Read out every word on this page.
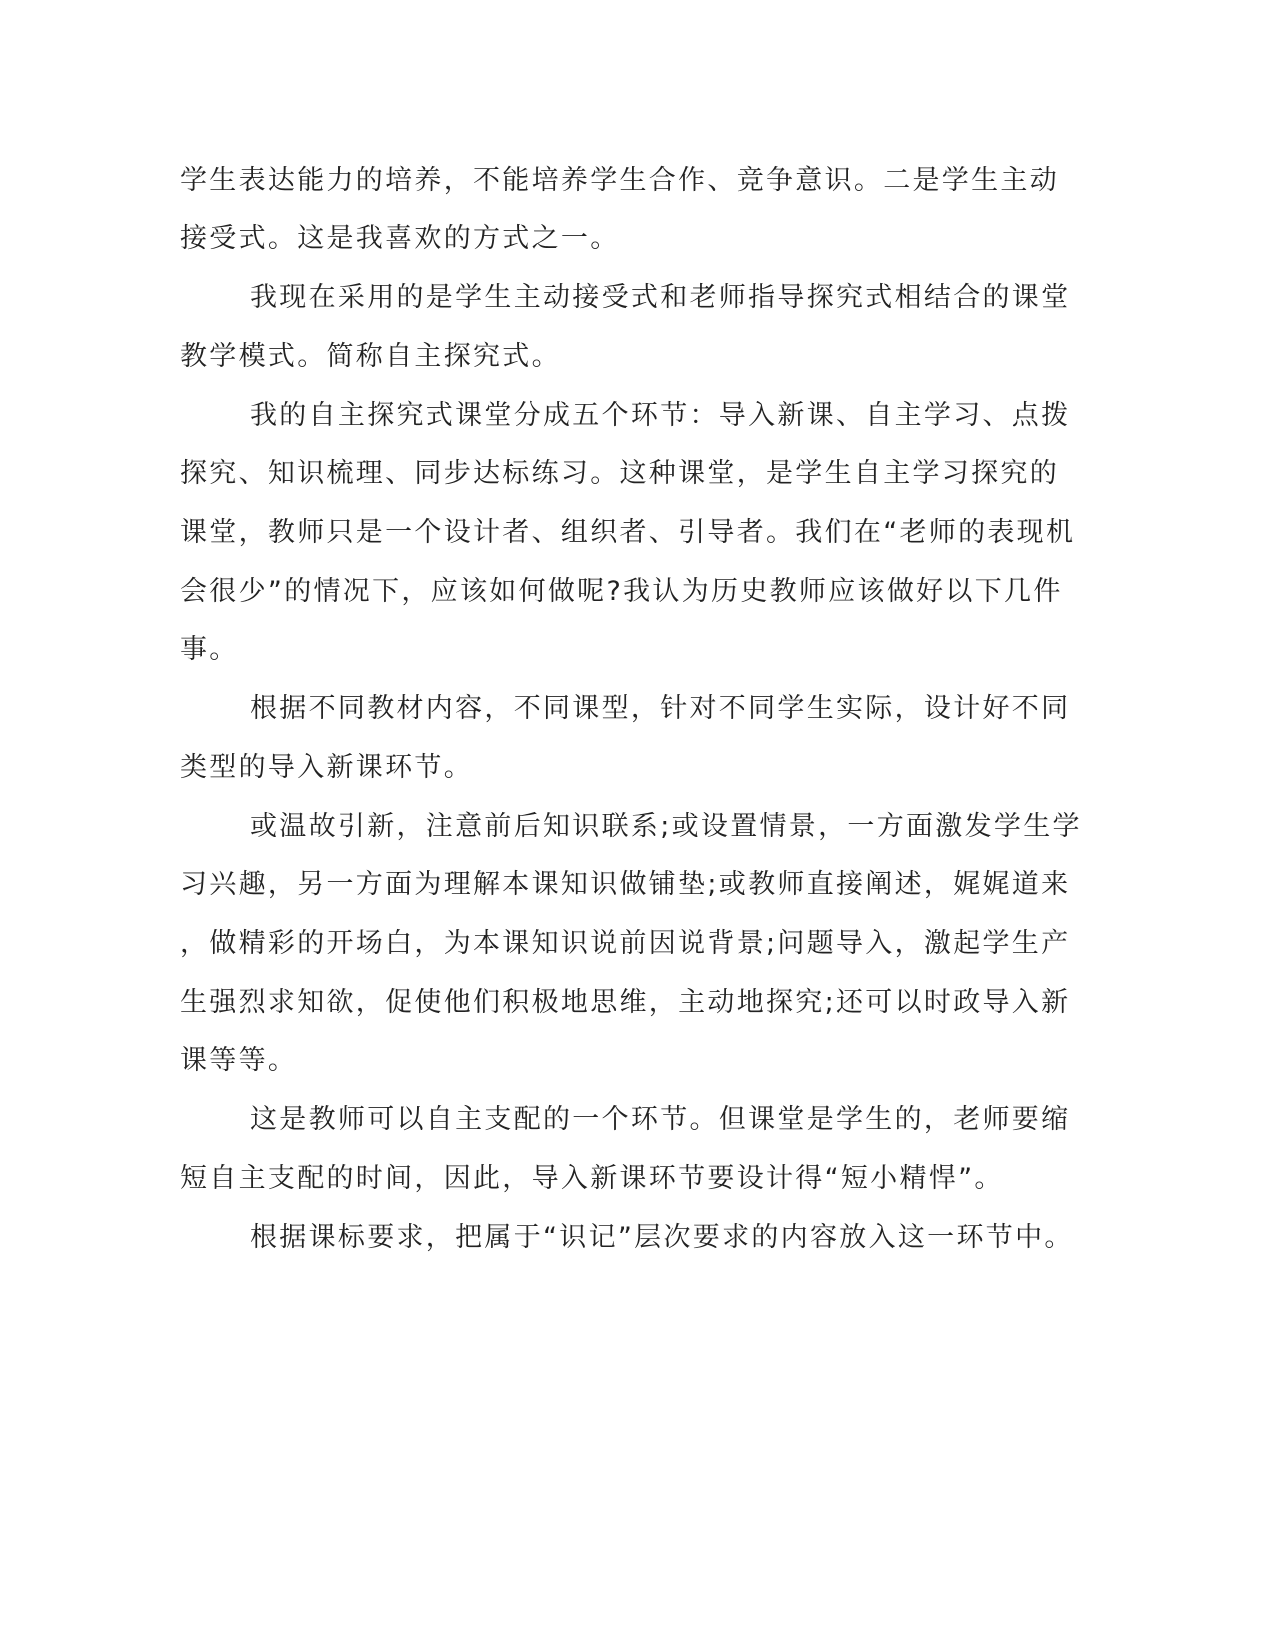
学生表达能力的培养，不能培养学生合作、竞争意识。二是学生主动
接受式。这是我喜欢的方式之一。
我现在采用的是学生主动接受式和老师指导探究式相结合的课堂
教学模式。简称自主探究式。
我的自主探究式课堂分成五个环节：导入新课、自主学习、点拨
探究、知识梳理、同步达标练习。这种课堂，是学生自主学习探究的
课堂，教师只是一个设计者、组织者、引导者。我们在“老师的表现机
会很少”的情况下，应该如何做呢?我认为历史教师应该做好以下几件
事。
根据不同教材内容，不同课型，针对不同学生实际，设计好不同
类型的导入新课环节。
或温故引新，注意前后知识联系;或设置情景，一方面激发学生学
习兴趣，另一方面为理解本课知识做铺垫;或教师直接阐述，娓娓道来
，做精彩的开场白，为本课知识说前因说背景;问题导入，激起学生产
生强烈求知欲，促使他们积极地思维，主动地探究;还可以时政导入新
课等等。
这是教师可以自主支配的一个环节。但课堂是学生的，老师要缩
短自主支配的时间，因此，导入新课环节要设计得“短小精悍”。
根据课标要求，把属于“识记”层次要求的内容放入这一环节中。
